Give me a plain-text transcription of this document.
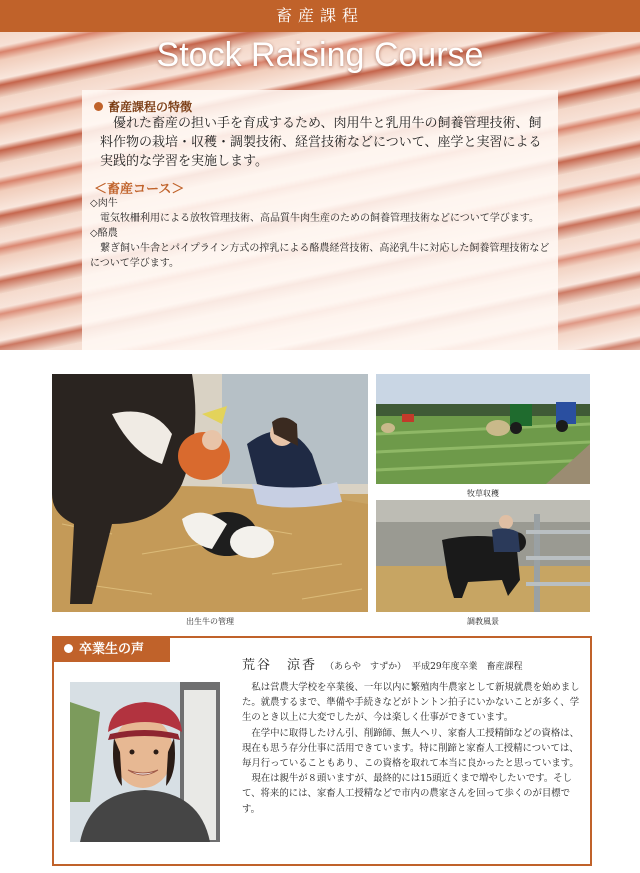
畜産課程
Stock Raising Course
畜産課程の特徴
優れた畜産の担い手を育成するため、肉用牛と乳用牛の飼養管理技術、飼料作物の栽培・収穫・調製技術、経営技術などについて、座学と実習による実践的な学習を実施します。
＜畜産コース＞
◇肉牛
電気牧柵利用による放牧管理技術、高品質牛肉生産のための飼養管理技術などについて学びます。
◇酪農
繋ぎ飼い牛舎とパイプライン方式の搾乳による酪農経営技術、高泌乳牛に対応した飼養管理技術などについて学びます。
出生牛の管理
牧草収穫
調教風景
卒業生の声
荒谷　涼香 （あらや　すずか） 平成29年度卒業　畜産課程

私は営農大学校を卒業後、一年以内に繁殖肉牛農家として新規就農を始めました。就農するまで、準備や手続きなどがトントン拍子にいかないことが多く、学生のとき以上に大変でしたが、今は楽しく仕事ができています。

在学中に取得したけん引、削蹄師、無人ヘリ、家畜人工授精師などの資格は、現在も思う存分仕事に活用できています。特に削蹄と家畜人工授精については、毎月行っていることもあり、この資格を取れて本当に良かったと思っています。

現在は親牛が８頭いますが、最終的には15頭近くまで増やしたいです。そして、将来的には、家畜人工授精などで市内の農家さんを回って歩くのが目標です。
